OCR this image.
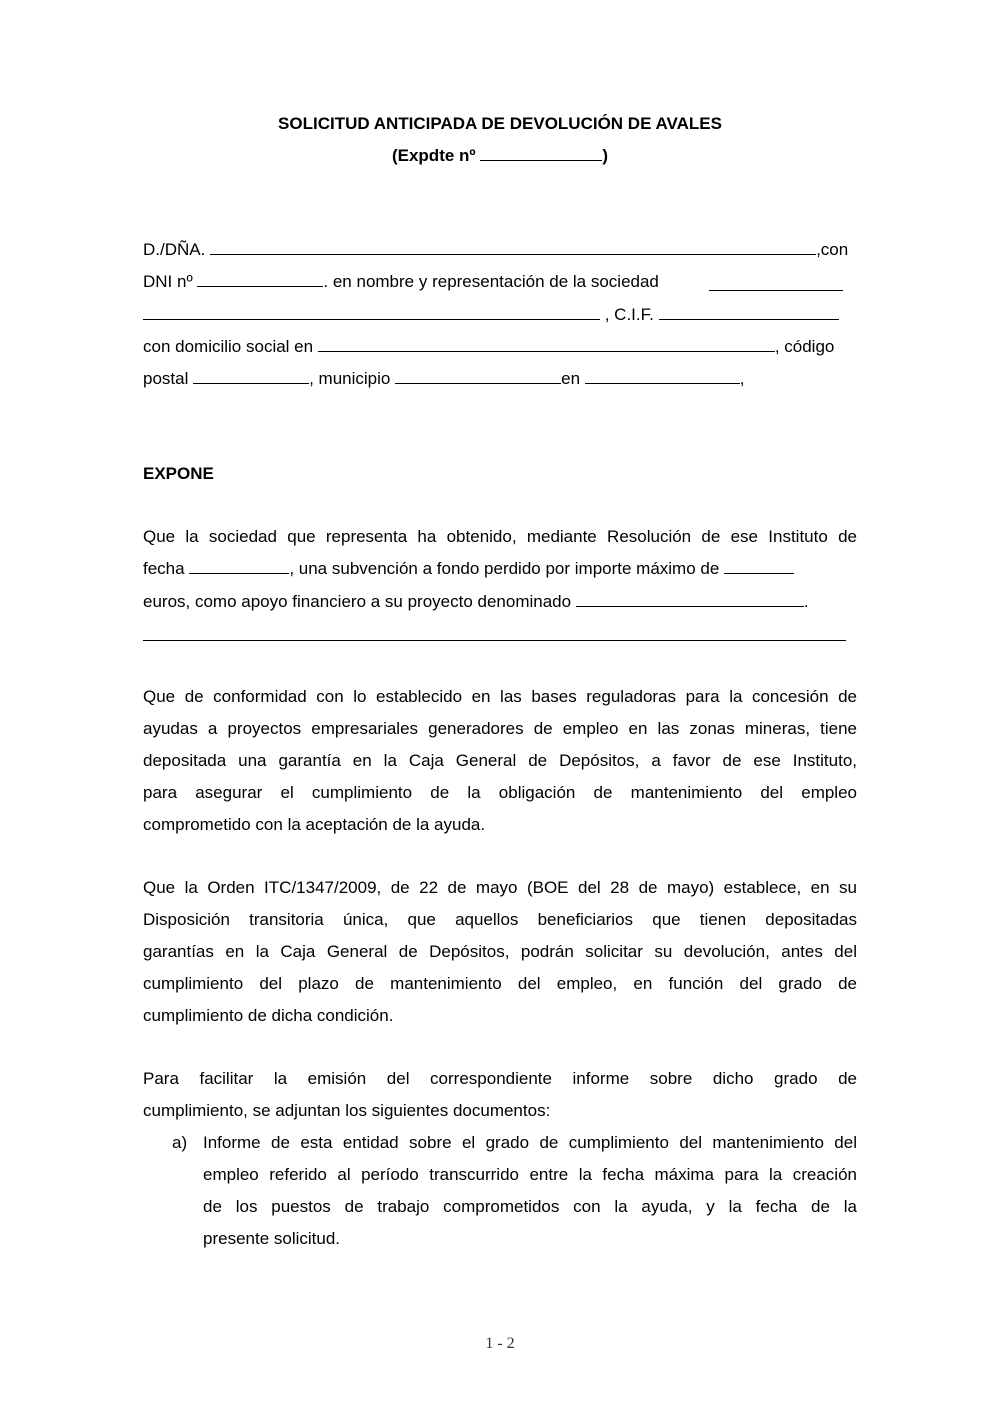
SOLICITUD ANTICIPADA DE DEVOLUCIÓN DE AVALES
(Expdte nº	)
D./DÑA.	,con
DNI nº	. en nombre y representación de la sociedad
, C.I.F.
con domicilio social en	, código
postal	, municipio	en	,
EXPONE
Que la sociedad que representa ha obtenido, mediante Resolución de ese Instituto de
fecha	, una subvención a fondo perdido por importe máximo de
euros, como apoyo financiero a su proyecto denominado	.
Que de conformidad con lo establecido en las bases reguladoras para la concesión de
ayudas a proyectos empresariales generadores de empleo en las zonas mineras, tiene
depositada una garantía en la Caja General de Depósitos, a favor de ese Instituto,
para asegurar el cumplimiento de la obligación de mantenimiento del empleo
comprometido con la aceptación de la ayuda.
Que la Orden ITC/1347/2009, de 22 de mayo (BOE del 28 de mayo) establece, en su
Disposición transitoria única, que aquellos beneficiarios que tienen depositadas
garantías en la Caja General de Depósitos, podrán solicitar su devolución, antes del
cumplimiento del plazo de mantenimiento del empleo, en función del grado de
cumplimiento de dicha condición.
Para facilitar la emisión del correspondiente informe sobre dicho grado de
cumplimiento, se adjuntan los siguientes documentos:
a) Informe de esta entidad sobre el grado de cumplimiento del mantenimiento del
empleo referido al período transcurrido entre la fecha máxima para la creación
de los puestos de trabajo comprometidos con la ayuda, y la fecha de la
presente solicitud.
1 - 2
